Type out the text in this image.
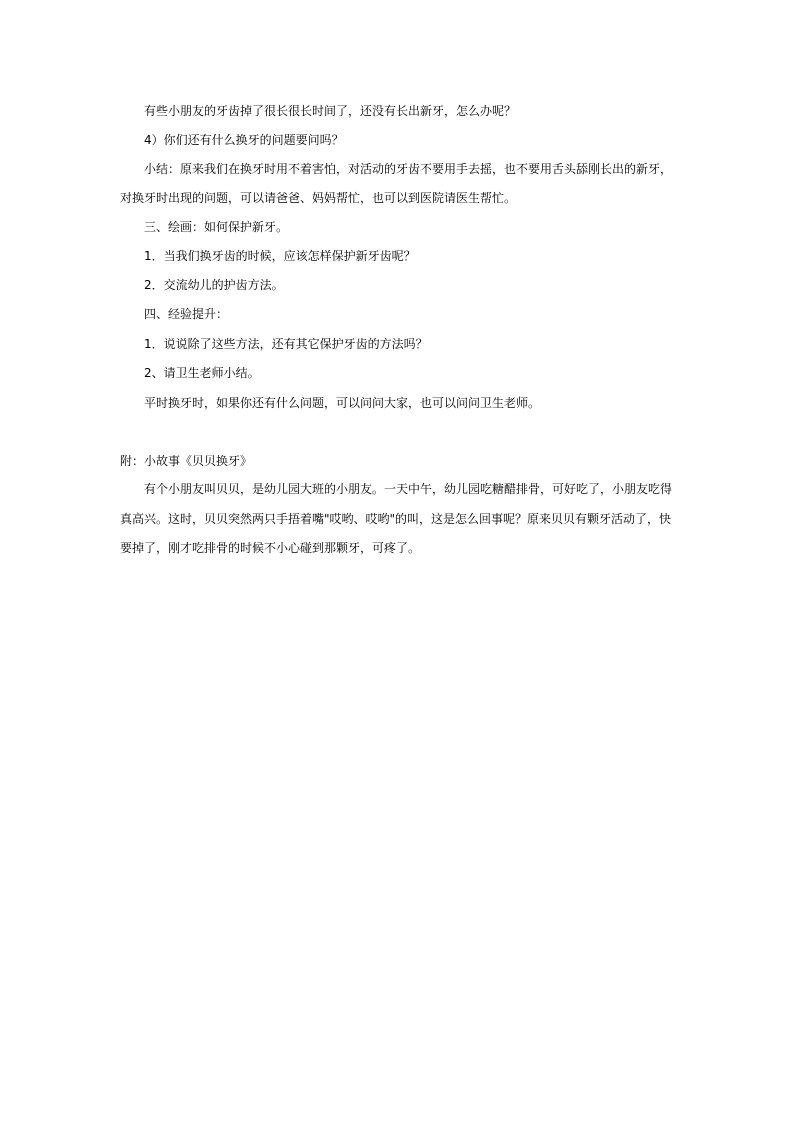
有些小朋友的牙齿掉了很长很长时间了，还没有长出新牙，怎么办呢？
4）你们还有什么换牙的问题要问吗？
小结：原来我们在换牙时用不着害怕，对活动的牙齿不要用手去摇，也不要用舌头舔刚长出的新牙，
对换牙时出现的问题，可以请爸爸、妈妈帮忙，也可以到医院请医生帮忙。
三、绘画：如何保护新牙。
1．当我们换牙齿的时候，应该怎样保护新牙齿呢？
2．交流幼儿的护齿方法。
四、经验提升：
1．说说除了这些方法，还有其它保护牙齿的方法吗？
2、请卫生老师小结。
平时换牙时，如果你还有什么问题，可以问问大家，也可以问问卫生老师。
附：小故事《贝贝换牙》
有个小朋友叫贝贝，是幼儿园大班的小朋友。一天中午，幼儿园吃糖醋排骨，可好吃了，小朋友吃得
真高兴。这时，贝贝突然两只手捂着嘴"哎哟、哎哟"的叫，这是怎么回事呢？原来贝贝有颗牙活动了，快
要掉了，刚才吃排骨的时候不小心碰到那颗牙，可疼了。
